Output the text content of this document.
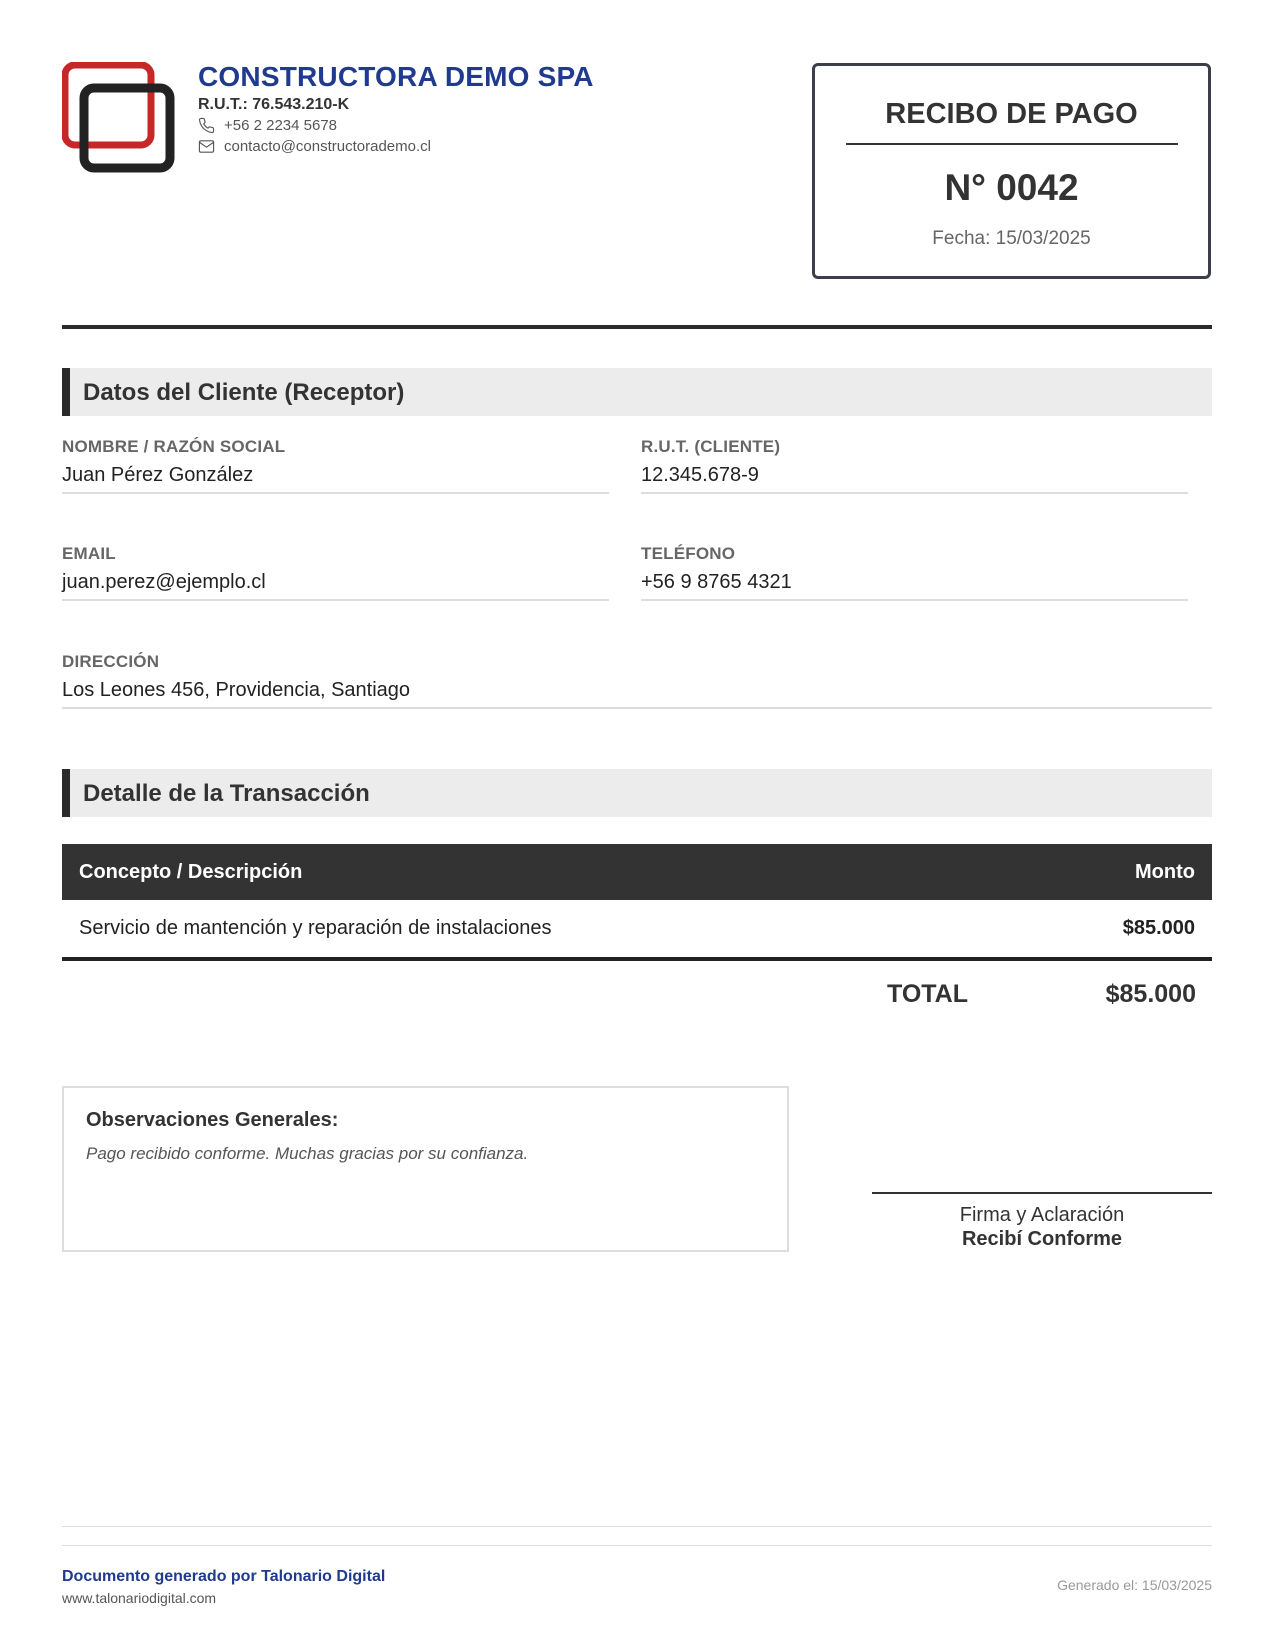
CONSTRUCTORA DEMO SPA
R.U.T.: 76.543.210-K
+56 2 2234 5678
contacto@constructorademo.cl
RECIBO DE PAGO
N° 0042
Fecha: 15/03/2025
Datos del Cliente (Receptor)
NOMBRE / RAZÓN SOCIAL
Juan Pérez González
R.U.T. (CLIENTE)
12.345.678-9
EMAIL
juan.perez@ejemplo.cl
TELÉFONO
+56 9 8765 4321
DIRECCIÓN
Los Leones 456, Providencia, Santiago
Detalle de la Transacción
Concepto / Descripción	Monto
Servicio de mantención y reparación de instalaciones	$85.000
TOTAL	$85.000
Observaciones Generales:
Pago recibido conforme. Muchas gracias por su confianza.
Firma y Aclaración
Recibí Conforme
Documento generado por Talonario Digital
www.talonariodigital.com
Generado el: 15/03/2025
